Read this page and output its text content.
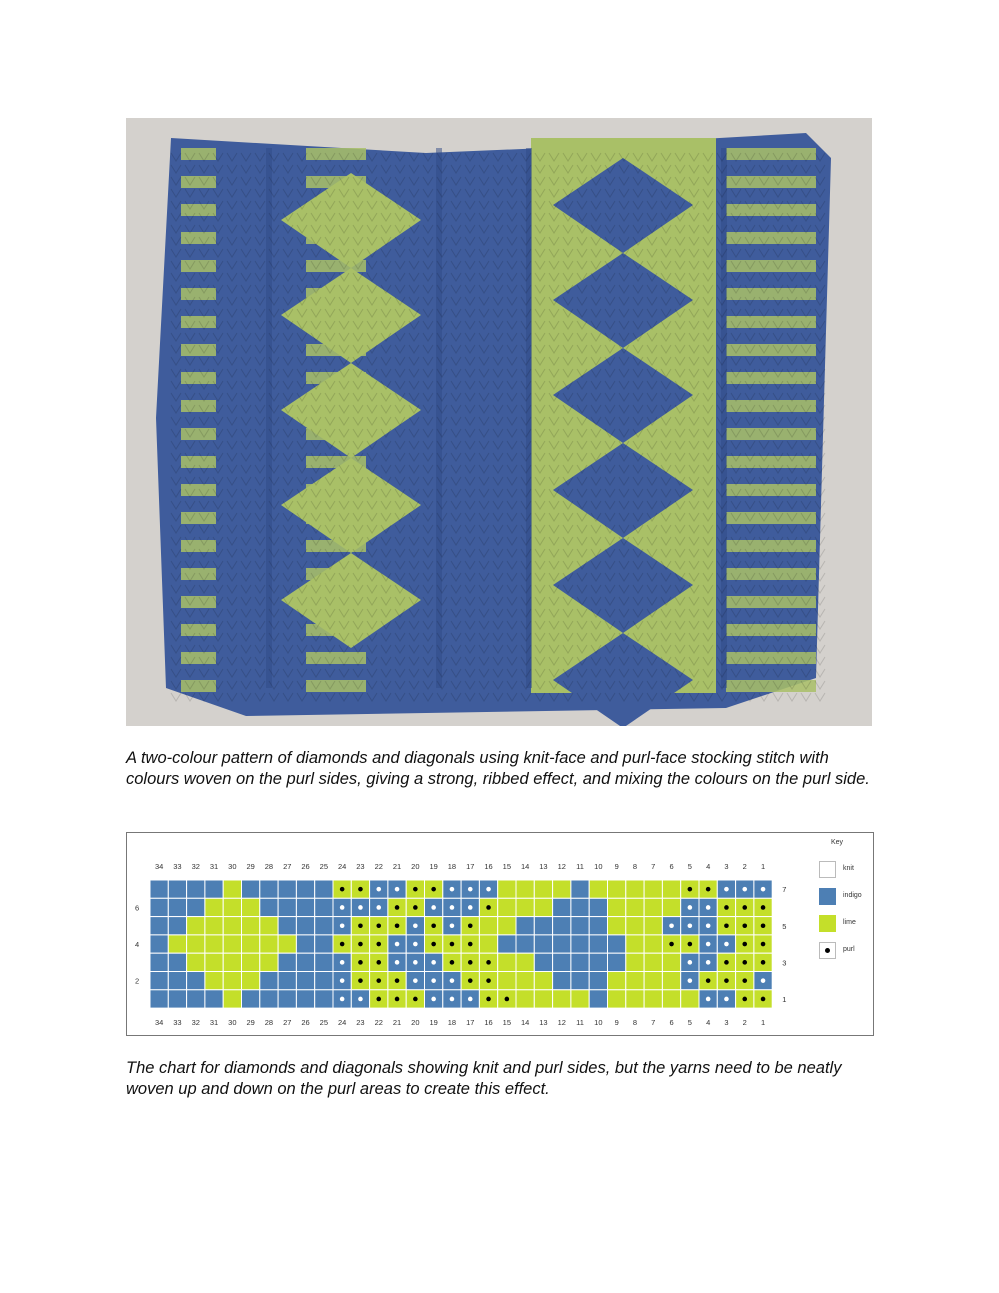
A two-colour pattern of diamonds and diagonals using knit-face and purl-face stocking stitch with colours woven on the purl sides, giving a strong, ribbed effect, and mixing the colours on the purl side.

34
34
33
33
32
32
31
31
30
30
29
29
28
28
27
27
26
26
25
25
24
24
23
23
22
22
21
21
20
20
19
19
18
18
17
17
16
16
15
15
14
14
13
13
12
12
11
11
10
10
9
9
8
8
7
7
6
6
5
5
4
4
3
3
2
2
1
1
7
5
3
1
6
4
2
Key
knit
indigo
lime
purl

The chart for diamonds and diagonals showing knit and purl sides, but the yarns need to be neatly woven up and down on the purl areas to create this effect.
